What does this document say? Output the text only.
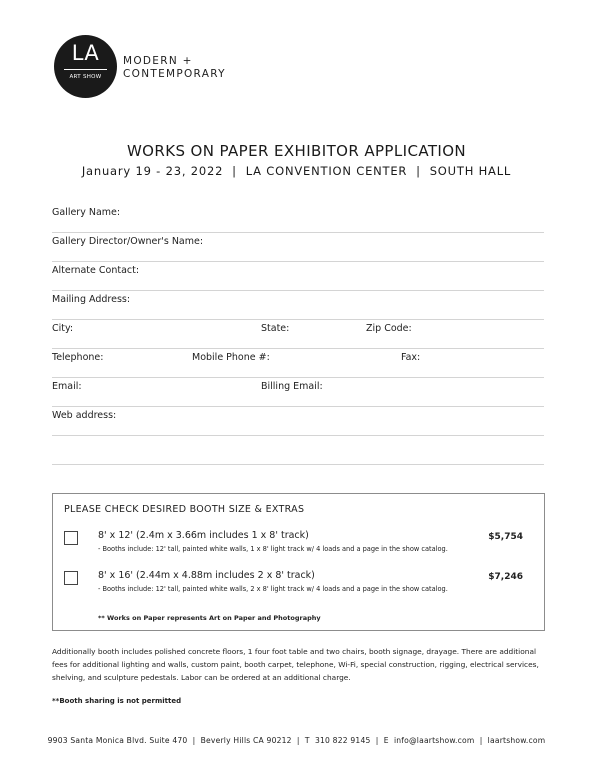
LA
ART SHOW
MODERN +
CONTEMPORARY
WORKS ON PAPER EXHIBITOR APPLICATION
January 19 - 23, 2022  |  LA CONVENTION CENTER  |  SOUTH HALL
Gallery Name:
Gallery Director/Owner's Name:
Alternate Contact:
Mailing Address:
City:	State:	Zip Code:
Telephone:	Mobile Phone #:	Fax:
Email:	Billing Email:
Web address:
PLEASE CHECK DESIRED BOOTH SIZE & EXTRAS
8' x 12' (2.4m x 3.66m includes 1 x 8' track)	$5,754
- Booths include: 12' tall, painted white walls, 1 x 8' light track w/ 4 loads and a page in the show catalog.
8' x 16' (2.44m x 4.88m includes 2 x 8' track)	$7,246
- Booths include: 12' tall, painted white walls, 2 x 8' light track w/ 4 loads and a page in the show catalog.
** Works on Paper represents Art on Paper and Photography
Additionally booth includes polished concrete floors, 1 four foot table and two chairs, booth signage, drayage. There are additional fees for additional lighting and walls, custom paint, booth carpet, telephone, Wi-Fi, special construction, rigging, electrical services, shelving, and sculpture pedestals. Labor can be ordered at an additional charge.
**Booth sharing is not permitted
9903 Santa Monica Blvd. Suite 470  |  Beverly Hills CA 90212  |  T  310 822 9145  |  E  info@laartshow.com  |  laartshow.com
